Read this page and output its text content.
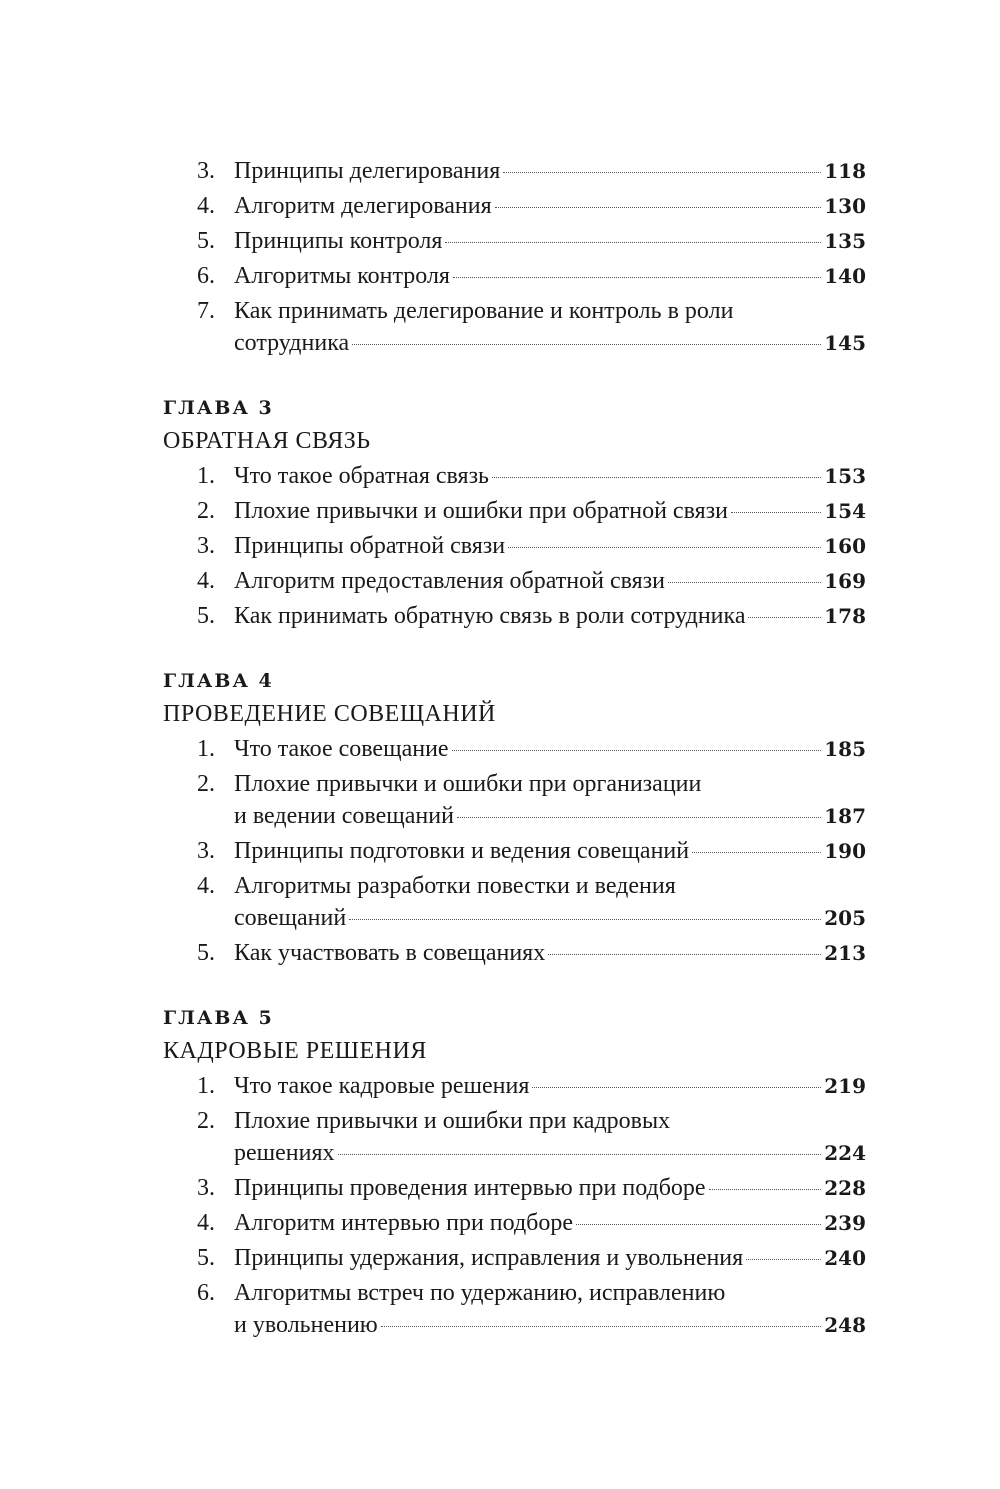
3. Принципы делегирования	118
4. Алгоритм делегирования	130
5. Принципы контроля	135
6. Алгоритмы контроля	140
7. Как принимать делегирование и контроль в роли
сотрудника	145
ГЛАВА 3
ОБРАТНАЯ СВЯЗЬ
1. Что такое обратная связь	153
2. Плохие привычки и ошибки при обратной связи	154
3. Принципы обратной связи	160
4. Алгоритм предоставления обратной связи	169
5. Как принимать обратную связь в роли сотрудника	178
ГЛАВА 4
ПРОВЕДЕНИЕ СОВЕЩАНИЙ
1. Что такое совещание	185
2. Плохие привычки и ошибки при организации
и ведении совещаний	187
3. Принципы подготовки и ведения совещаний	190
4. Алгоритмы разработки повестки и ведения
совещаний	205
5. Как участвовать в совещаниях	213
ГЛАВА 5
КАДРОВЫЕ РЕШЕНИЯ
1. Что такое кадровые решения	219
2. Плохие привычки и ошибки при кадровых
решениях	224
3. Принципы проведения интервью при подборе	228
4. Алгоритм интервью при подборе	239
5. Принципы удержания, исправления и увольнения	240
6. Алгоритмы встреч по удержанию, исправлению
и увольнению	248
